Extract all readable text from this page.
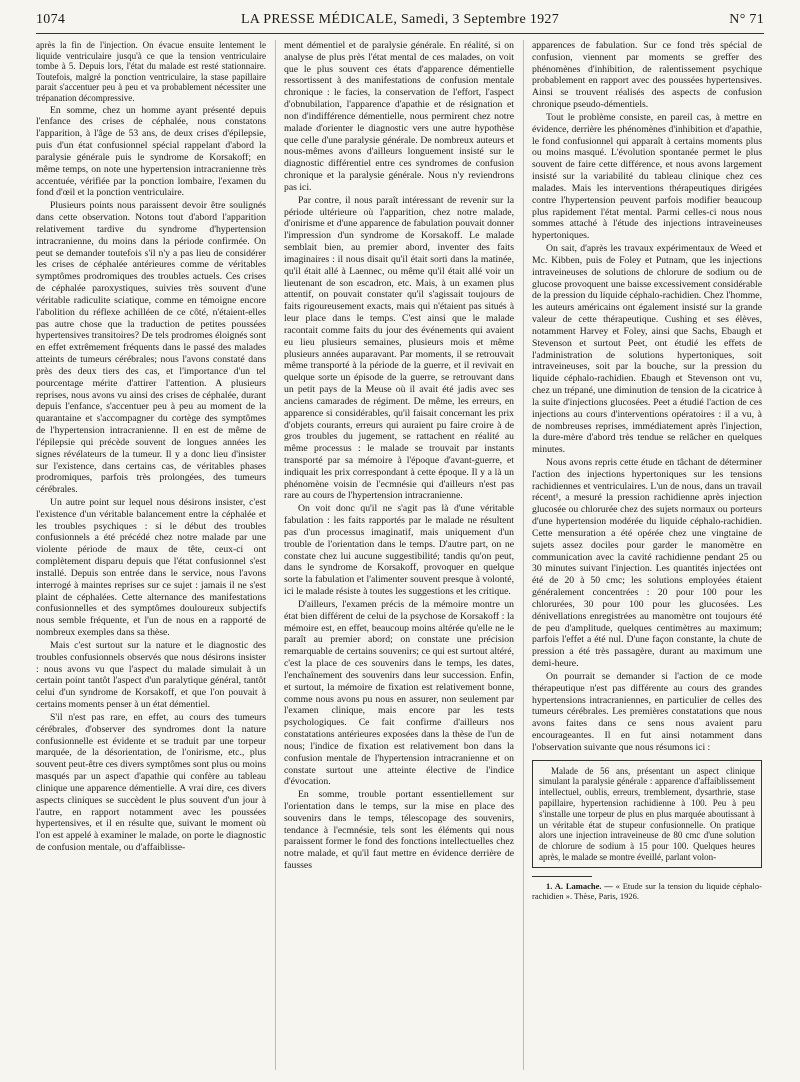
1074	LA PRESSE MÉDICALE, Samedi, 3 Septembre 1927	N° 71

après la fin de l'injection. On évacue ensuite lentement le liquide ventriculaire jusqu'à ce que la tension ventriculaire tombe à 5. Depuis lors, l'état du malade est resté stationnaire. Toutefois, malgré la ponction ventriculaire, la stase papillaire parait s'accentuer peu à peu et va probablement nécessiter une trépanation décompressive.

En somme, chez un homme ayant présenté depuis l'enfance des crises de céphalée, nous constatons l'apparition, à l'âge de 53 ans, de deux crises d'épilepsie, puis d'un état confusionnel spécial rappelant d'abord la paralysie générale puis le syndrome de Korsakoff; en même temps, on note une hypertension intracranienne très accentuée, vérifiée par la ponction lombaire, l'examen du fond d'œil et la ponction ventriculaire.

Plusieurs points nous paraissent devoir être soulignés dans cette observation. Notons tout d'abord l'apparition relativement tardive du syndrome d'hypertension intracranienne, du moins dans la période confirmée. On peut se demander toutefois s'il n'y a pas lieu de considérer les crises de céphalée antérieures comme de véritables symptômes prodromiques des troubles actuels. Ces crises de céphalée paroxystiques, suivies très souvent d'une véritable radiculite sciatique, comme en témoigne encore l'abolition du réflexe achilléen de ce côté, n'étaient-elles pas autre chose que la traduction de petites poussées hypertensives transitoires? De tels prodromes éloignés sont en effet extrêmement fréquents dans le passé des malades atteints de tumeurs cérébrales; nous l'avons constaté dans près des deux tiers des cas, et l'importance d'un tel pourcentage mérite d'attirer l'attention. A plusieurs reprises, nous avons vu ainsi des crises de céphalée, durant depuis l'enfance, s'accentuer peu à peu au moment de la quarantaine et s'accompagner du cortège des symptômes de l'hypertension intracranienne. Il en est de même de l'épilepsie qui précède souvent de longues années les signes révélateurs de la tumeur. Il y a donc lieu d'insister sur l'existence, dans certains cas, de véritables phases prodromiques, parfois très prolongées, des tumeurs cérébrales.

Un autre point sur lequel nous désirons insister, c'est l'existence d'un véritable balancement entre la céphalée et les troubles psychiques : si le début des troubles confusionnels a été précédé chez notre malade par une violente période de maux de tête, ceux-ci ont complètement disparu depuis que l'état confusionnel s'est installé. Depuis son entrée dans le service, nous l'avons interrogé à maintes reprises sur ce sujet : jamais il ne s'est plaint de céphalées. Cette alternance des manifestations confusionnelles et des symptômes douloureux subjectifs nous semble fréquente, et l'un de nous en a rapporté de nombreux exemples dans sa thèse.

Mais c'est surtout sur la nature et le diagnostic des troubles confusionnels observés que nous désirons insister : nous avons vu que l'aspect du malade simulait à un certain point tantôt l'aspect d'un paralytique général, tantôt celui d'un syndrome de Korsakoff, et que l'on pouvait à certains moments penser à un état démentiel.

S'il n'est pas rare, en effet, au cours des tumeurs cérébrales, d'observer des syndromes dont la nature confusionnelle est évidente et se traduit par une torpeur marquée, de la désorientation, de l'onirisme, etc., plus souvent peut-être ces divers symptômes sont plus ou moins masqués par un aspect d'apathie qui confère au tableau clinique une apparence démentielle. A vrai dire, ces divers aspects cliniques se succèdent le plus souvent d'un jour à l'autre, en rapport notamment avec les poussées hypertensives, et il en résulte que, suivant le moment où l'on est appelé à examiner le malade, on porte le diagnostic de confusion mentale, ou d'affaiblisse-

ment démentiel et de paralysie générale. En réalité, si on analyse de plus près l'état mental de ces malades, on voit que le plus souvent ces états d'apparence démentielle ressortissent à des manifestations de confusion mentale chronique : le facies, la conservation de l'effort, l'aspect d'obnubilation, l'apparence d'apathie et de résignation et non d'indifférence démentielle, nous permirent chez notre malade d'orienter le diagnostic vers une autre hypothèse que celle d'une paralysie générale. De nombreux auteurs et nous-mêmes avons d'ailleurs longuement insisté sur le diagnostic différentiel entre ces syndromes de confusion chronique et la paralysie générale. Nous n'y reviendrons pas ici.

Par contre, il nous paraît intéressant de revenir sur la période ultérieure où l'apparition, chez notre malade, d'onirisme et d'une apparence de fabulation pouvait donner l'impression d'un syndrome de Korsakoff. Le malade semblait bien, au premier abord, inventer des faits imaginaires : il nous disait qu'il était sorti dans la matinée, qu'il était allé à Laennec, ou même qu'il était allé voir un lieutenant de son escadron, etc. Mais, à un examen plus attentif, on pouvait constater qu'il s'agissait toujours de faits rigoureusement exacts, mais qui n'étaient pas situés à leur place dans le temps. C'est ainsi que le malade racontait comme faits du jour des événements qui avaient eu lieu plusieurs semaines, plusieurs mois et même plusieurs années auparavant. Par moments, il se retrouvait même transporté à la période de la guerre, et il revivait en quelque sorte un épisode de la guerre, se retrouvant dans un petit pays de la Meuse où il avait été jadis avec ses anciens camarades de régiment. De même, les erreurs, en apparence si considérables, qu'il faisait concernant les prix d'objets courants, erreurs qui auraient pu faire croire à de gros troubles du jugement, se rattachent en réalité au même processus : le malade se trouvait par instants transporté par sa mémoire à l'époque d'avant-guerre, et indiquait les prix correspondant à cette époque. Il y a là un phénomène voisin de l'ecmnésie qui d'ailleurs n'est pas rare au cours de l'hypertension intracranienne.

On voit donc qu'il ne s'agit pas là d'une véritable fabulation : les faits rapportés par le malade ne résultent pas d'un processus imaginatif, mais uniquement d'un trouble de l'orientation dans le temps. D'autre part, on ne constate chez lui aucune suggestibilité; tandis qu'on peut, dans le syndrome de Korsakoff, provoquer en quelque sorte la fabulation et l'alimenter souvent presque à volonté, ici le malade résiste à toutes les suggestions et les critique.

D'ailleurs, l'examen précis de la mémoire montre un état bien différent de celui de la psychose de Korsakoff : la mémoire est, en effet, beaucoup moins altérée qu'elle ne le paraît au premier abord; on constate une précision remarquable de certains souvenirs; ce qui est surtout altéré, c'est la place de ces souvenirs dans le temps, les dates, l'enchaînement des souvenirs dans leur succession. Enfin, et surtout, la mémoire de fixation est relativement bonne, comme nous avons pu nous en assurer, non seulement par l'examen clinique, mais encore par les tests psychologiques. Ce fait confirme d'ailleurs nos constatations antérieures exposées dans la thèse de l'un de nous; l'indice de fixation est relativement bon dans la confusion mentale de l'hypertension intracranienne et on constate surtout une atteinte élective de l'indice d'évocation.

En somme, trouble portant essentiellement sur l'orientation dans le temps, sur la mise en place des souvenirs dans le temps, télescopage des souvenirs, tendance à l'ecmnésie, tels sont les éléments qui nous paraissent former le fond des fonctions intellectuelles chez notre malade, et qu'il faut mettre en évidence derrière de fausses

apparences de fabulation. Sur ce fond très spécial de confusion, viennent par moments se greffer des phénomènes d'inhibition, de ralentissement psychique probablement en rapport avec des poussées hypertensives. Ainsi se trouvent réalisés des aspects de confusion chronique pseudo-démentiels.

Tout le problème consiste, en pareil cas, à mettre en évidence, derrière les phénomènes d'inhibition et d'apathie, le fond confusionnel qui apparaît à certains moments plus ou moins masqué. L'évolution spontanée permet le plus souvent de faire cette différence, et nous avons largement insisté sur la variabilité du tableau clinique chez ces malades. Mais les interventions thérapeutiques dirigées contre l'hypertension peuvent parfois modifier beaucoup plus rapidement l'état mental. Parmi celles-ci nous nous sommes attaché à l'étude des injections intraveineuses hypertoniques.

On sait, d'après les travaux expérimentaux de Weed et Mc. Kibben, puis de Foley et Putnam, que les injections intraveineuses de solutions de chlorure de sodium ou de glucose provoquent une baisse excessivement considérable de la pression du liquide céphalo-rachidien. Chez l'homme, les auteurs américains ont également insisté sur la grande valeur de cette thérapeutique. Cushing et ses élèves, notamment Harvey et Foley, ainsi que Sachs, Ebaugh et Stevenson et surtout Peet, ont étudié les effets de l'administration de solutions hypertoniques, soit intraveineuses, soit par la bouche, sur la pression du liquide céphalo-rachidien. Ebaugh et Stevenson ont vu, chez un trépané, une diminution de tension de la cicatrice à la suite d'injections glucosées. Peet a étudié l'action de ces injections au cours d'interventions opératoires : il a vu, à de nombreuses reprises, immédiatement après l'injection, la dure-mère d'abord très tendue se relâcher en quelques minutes.

Nous avons repris cette étude en tâchant de déterminer l'action des injections hypertoniques sur les tensions rachidiennes et ventriculaires. L'un de nous, dans un travail récent¹, a mesuré la pression rachidienne après injection glucosée ou chlorurée chez des sujets normaux ou porteurs d'une hypertension modérée du liquide céphalo-rachidien. Cette mensuration a été opérée chez une vingtaine de sujets assez dociles pour garder le manomètre en communication avec la cavité rachidienne pendant 25 ou 30 minutes suivant l'injection. Les quantités injectées ont été de 20 à 50 cmc; les solutions employées étaient généralement concentrées : 20 pour 100 pour les chlorurées, 30 pour 100 pour les glucosées. Les dénivellations enregistrées au manomètre ont toujours été de peu d'amplitude, quelques centimètres au maximum; parfois l'effet a été nul. D'une façon constante, la chute de pression a été très passagère, durant au maximum une demi-heure.

On pourrait se demander si l'action de ce mode thérapeutique n'est pas différente au cours des grandes hypertensions intracraniennes, en particulier de celles des tumeurs cérébrales. Les premières constatations que nous avons faites dans ce sens nous avaient paru encourageantes. Il en fut ainsi notamment dans l'observation suivante que nous résumons ici :

Malade de 56 ans, présentant un aspect clinique simulant la paralysie générale : apparence d'affaiblissement intellectuel, oublis, erreurs, tremblement, dysarthrie, stase papillaire, hypertension rachidienne à 100. Peu à peu s'installe une torpeur de plus en plus marquée aboutissant à un véritable état de stupeur confusionnelle. On pratique alors une injection intraveineuse de 80 cmc d'une solution de chlorure de sodium à 15 pour 100. Quelques heures après, le malade se montre éveillé, parlant volon-

1. A. Lamache. — « Etude sur la tension du liquide céphalo-rachidien ». Thèse, Paris, 1926.
